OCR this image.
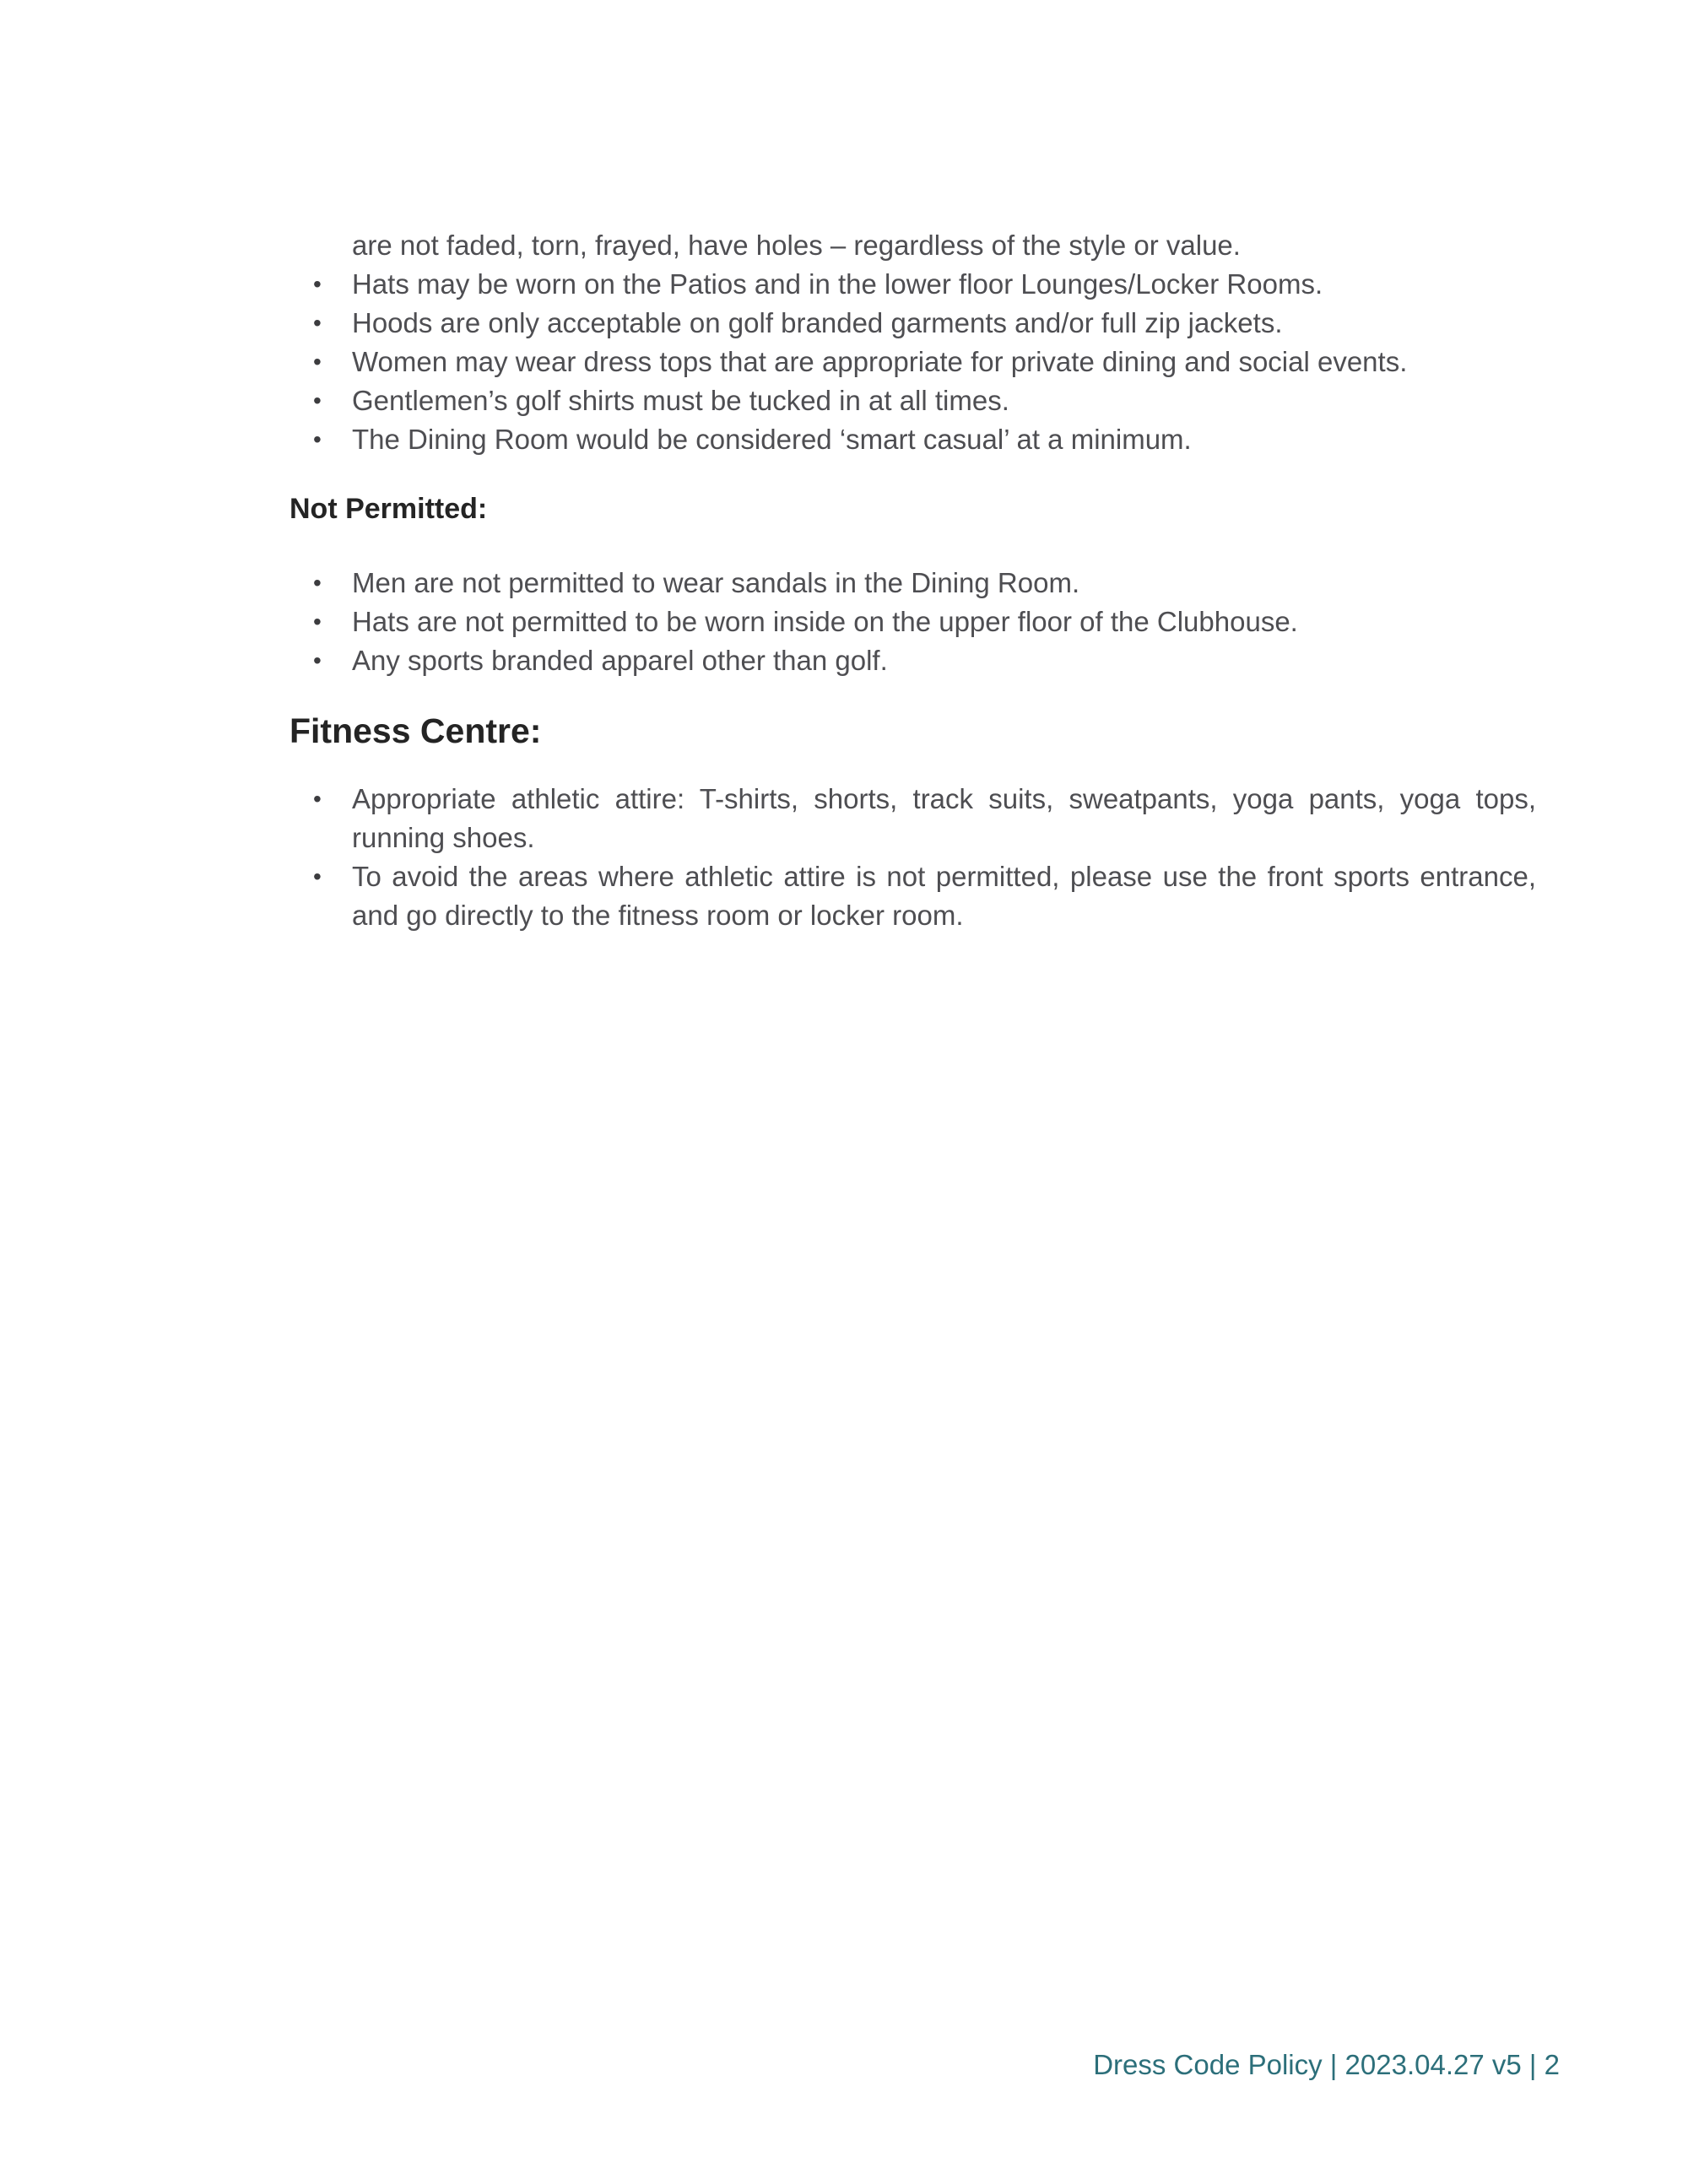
are not faded, torn, frayed, have holes – regardless of the style or value.
• Hats may be worn on the Patios and in the lower floor Lounges/Locker Rooms.
• Hoods are only acceptable on golf branded garments and/or full zip jackets.
• Women may wear dress tops that are appropriate for private dining and social events.
• Gentlemen’s golf shirts must be tucked in at all times.
• The Dining Room would be considered ‘smart casual’ at a minimum.
Not Permitted:
• Men are not permitted to wear sandals in the Dining Room.
• Hats are not permitted to be worn inside on the upper floor of the Clubhouse.
• Any sports branded apparel other than golf.
Fitness Centre:
• Appropriate athletic attire: T-shirts, shorts, track suits, sweatpants, yoga pants, yoga tops, running shoes.
• To avoid the areas where athletic attire is not permitted, please use the front sports entrance, and go directly to the fitness room or locker room.
Dress Code Policy | 2023.04.27 v5 | 2
